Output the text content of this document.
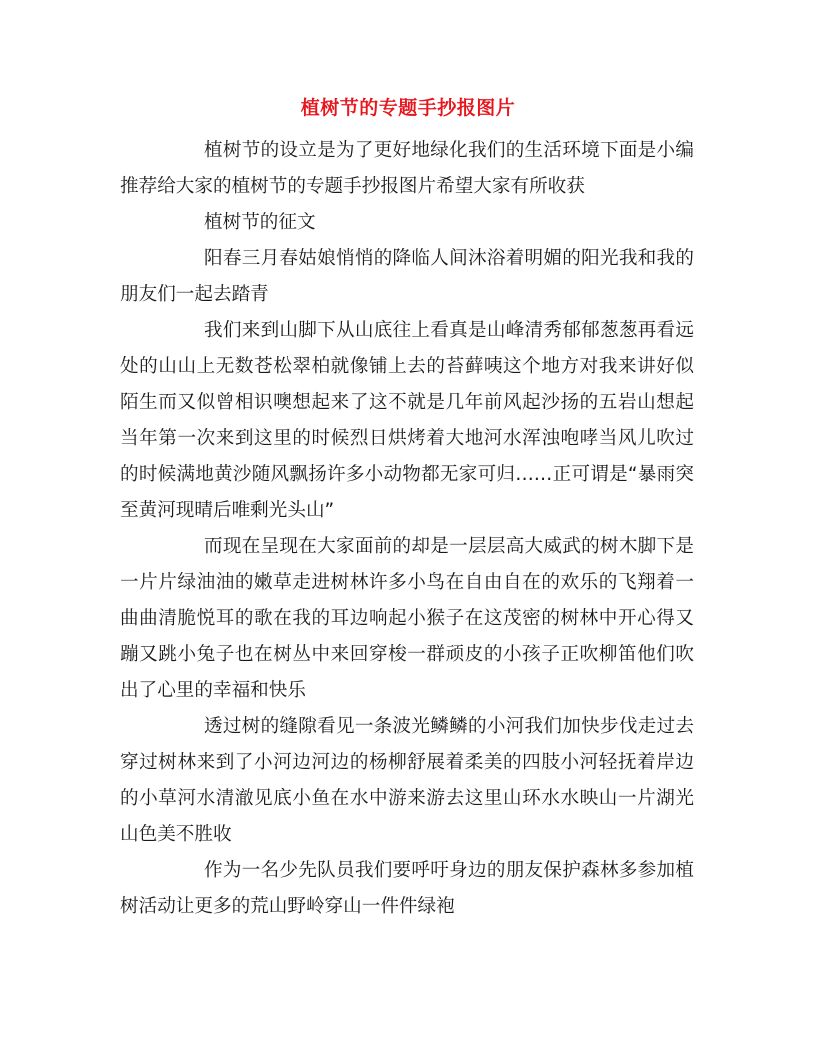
植树节的专题手抄报图片

植树节的设立是为了更好地绿化我们的生活环境下面是小编推荐给大家的植树节的专题手抄报图片希望大家有所收获

植树节的征文

阳春三月春姑娘悄悄的降临人间沐浴着明媚的阳光我和我的朋友们一起去踏青

我们来到山脚下从山底往上看真是山峰清秀郁郁葱葱再看远处的山山上无数苍松翠柏就像铺上去的苔藓咦这个地方对我来讲好似陌生而又似曾相识噢想起来了这不就是几年前风起沙扬的五岩山想起当年第一次来到这里的时候烈日烘烤着大地河水浑浊咆哮当风儿吹过的时候满地黄沙随风飘扬许多小动物都无家可归……正可谓是“暴雨突至黄河现晴后唯剩光头山”

而现在呈现在大家面前的却是一层层高大威武的树木脚下是一片片绿油油的嫩草走进树林许多小鸟在自由自在的欢乐的飞翔着一曲曲清脆悦耳的歌在我的耳边响起小猴子在这茂密的树林中开心得又蹦又跳小兔子也在树丛中来回穿梭一群顽皮的小孩子正吹柳笛他们吹出了心里的幸福和快乐

透过树的缝隙看见一条波光鳞鳞的小河我们加快步伐走过去穿过树林来到了小河边河边的杨柳舒展着柔美的四肢小河轻抚着岸边的小草河水清澈见底小鱼在水中游来游去这里山环水水映山一片湖光山色美不胜收

作为一名少先队员我们要呼吁身边的朋友保护森林多参加植树活动让更多的荒山野岭穿山一件件绿袍
